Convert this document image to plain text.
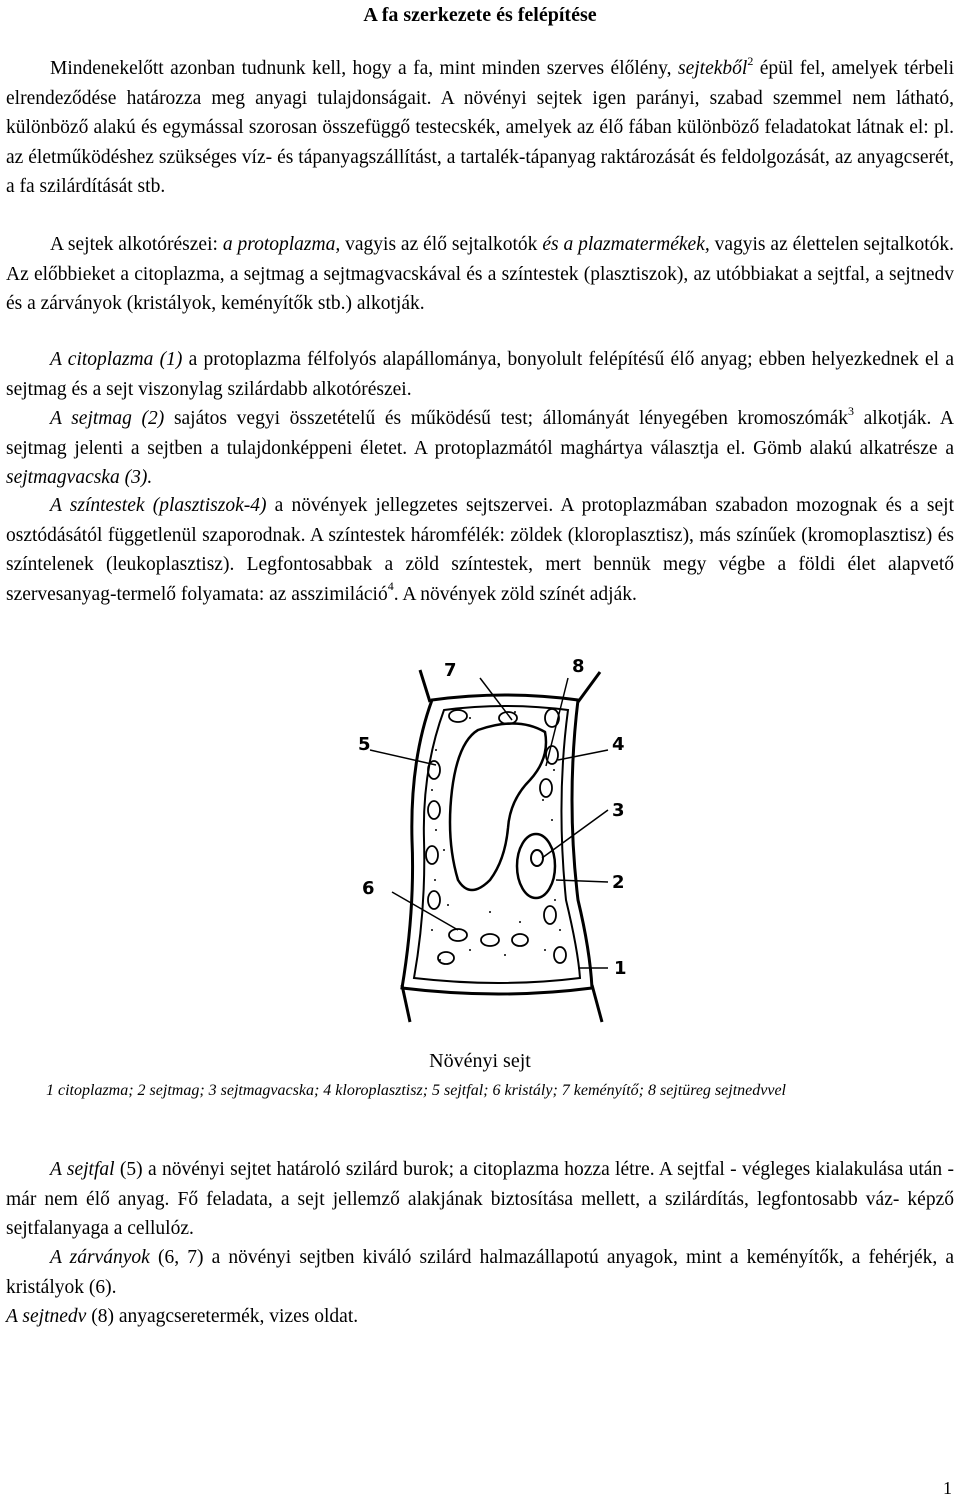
A fa szerkezete és felépítése

Mindenekelőtt azonban tudnunk kell, hogy a fa, mint minden szerves élőlény, sejtekből$^2$ épül fel, amelyek térbeli elrendeződése határozza meg anyagi tulajdonságait. A növényi sejtek igen parányi, szabad szemmel nem látható, különböző alakú és egymással szorosan összefüggő testecskék, amelyek az élő fában különböző feladatokat látnak el: pl. az életműködéshez szükséges víz- és tápanyagszállítást, a tartalék-tápanyag raktározását és feldolgozását, az anyagcserét, a fa szilárdítását stb.

A sejtek alkotórészei: a protoplazma, vagyis az élő sejtalkotók és a plazmatermékek, vagyis az élettelen sejtalkotók. Az előbbieket a citoplazma, a sejtmag a sejtmagvacskával és a színtestek (plasztiszok), az utóbbiakat a sejtfal, a sejtnedv és a zárványok (kristályok, keményítők stb.) alkotják.

A citoplazma (1) a protoplazma félfolyós alapállománya, bonyolult felépítésű élő anyag; ebben helyezkednek el a sejtmag és a sejt viszonylag szilárdabb alkotórészei.

A sejtmag (2) sajátos vegyi összetételű és működésű test; állományát lényegében kromoszómák$^3$ alkotják. A sejtmag jelenti a sejtben a tulajdonképpeni életet. A protoplazmától maghártya választja el. Gömb alakú alkatrésze a sejtmagvacska (3).

A színtestek (plasztiszok-4) a növények jellegzetes sejtszervei. A protoplazmában szabadon mozognak és a sejt osztódásától függetlenül szaporodnak. A színtestek háromfélék: zöldek (kloroplasztisz), más színűek (kromoplasztisz) és színtelenek (leukoplasztisz). Legfontosabbak a zöld színtestek, mert bennük megy végbe a földi élet alapvető szervesanyag-termelő folyamata: az asszimiláció$^4$. A növények zöld színét adják.

7	8
5	4
3
2
6
1

Növényi sejt

1 citoplazma; 2 sejtmag; 3 sejtmagvacska; 4 kloroplasztisz; 5 sejtfal; 6 kristály; 7 keményítő; 8 sejtüreg sejtnedvvel

A sejtfal (5) a növényi sejtet határoló szilárd burok; a citoplazma hozza létre. A sejtfal - végleges kialakulása után - már nem élő anyag. Fő feladata, a sejt jellemző alakjának biztosítása mellett, a szilárdítás, legfontosabb váz- képző sejtfalanyaga a cellulóz.

A zárványok (6, 7) a növényi sejtben kiváló szilárd halmazállapotú anyagok, mint a keményítők, a fehérjék, a kristályok (6).

A sejtnedv (8) anyagcseretermék, vizes oldat.

1
